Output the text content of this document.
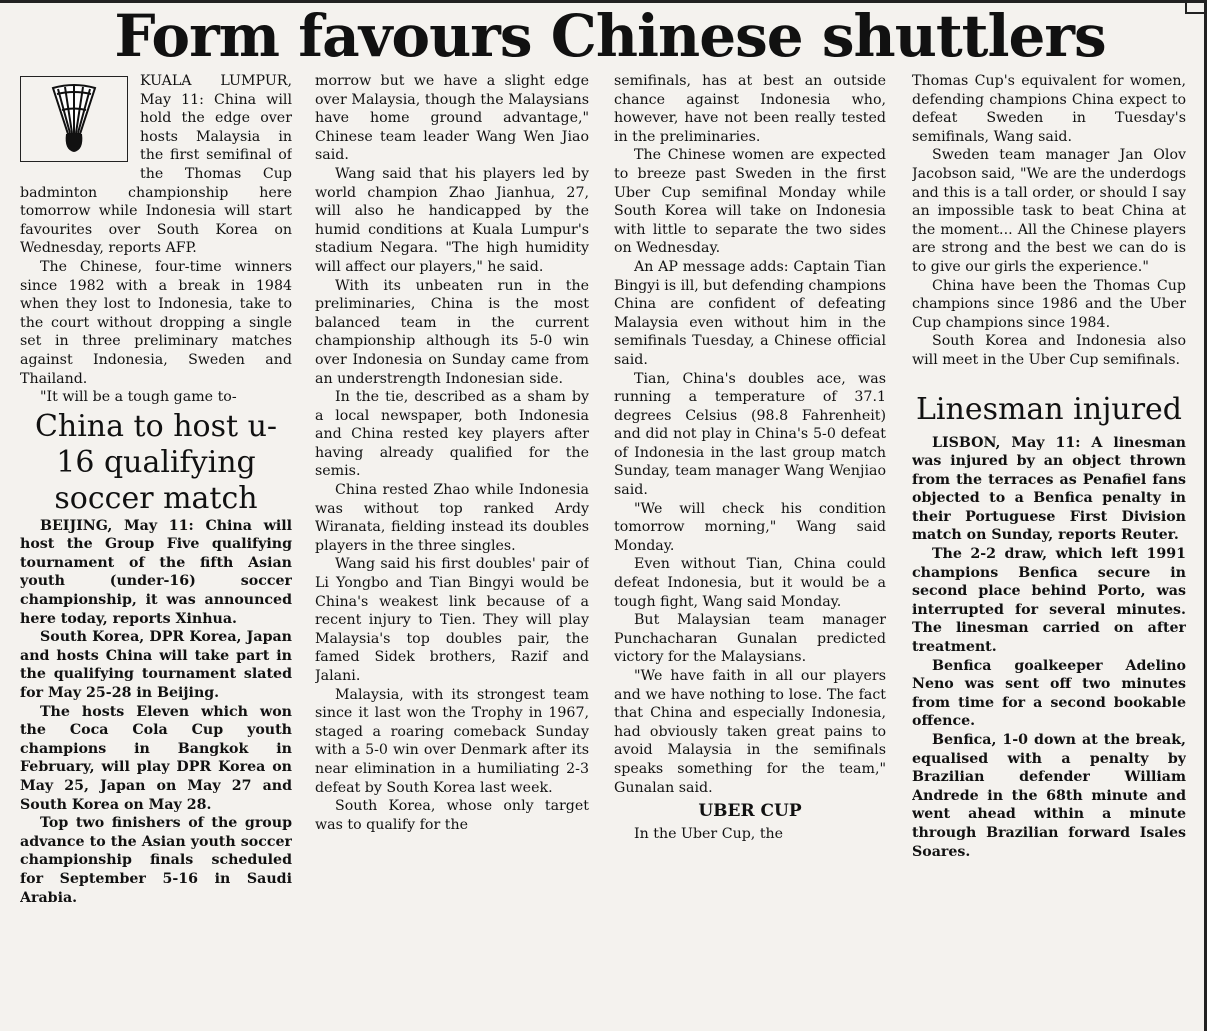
Form favours Chinese shuttlers

KUALA LUMPUR, May 11: China will hold the edge over hosts Malaysia in the first semifinal of the Thomas Cup badminton championship here tomorrow while Indonesia will start favourites over South Korea on Wednesday, reports AFP.

The Chinese, four-time winners since 1982 with a break in 1984 when they lost to Indonesia, take to the court without dropping a single set in three preliminary matches against Indonesia, Sweden and Thailand.

"It will be a tough game to-

China to host u-16 qualifying soccer match

BEIJING, May 11: China will host the Group Five qualifying tournament of the fifth Asian youth (under-16) soccer championship, it was announced here today, reports Xinhua.

South Korea, DPR Korea, Japan and hosts China will take part in the qualifying tournament slated for May 25-28 in Beijing.

The hosts Eleven which won the Coca Cola Cup youth champions in Bangkok in February, will play DPR Korea on May 25, Japan on May 27 and South Korea on May 28.

Top two finishers of the group advance to the Asian youth soccer championship finals scheduled for September 5-16 in Saudi Arabia.

morrow but we have a slight edge over Malaysia, though the Malaysians have home ground advantage," Chinese team leader Wang Wen Jiao said.

Wang said that his players led by world champion Zhao Jianhua, 27, will also he handicapped by the humid conditions at Kuala Lumpur's stadium Negara. "The high humidity will affect our players," he said.

With its unbeaten run in the preliminaries, China is the most balanced team in the current championship although its 5-0 win over Indonesia on Sunday came from an understrength Indonesian side.

In the tie, described as a sham by a local newspaper, both Indonesia and China rested key players after having already qualified for the semis.

China rested Zhao while Indonesia was without top ranked Ardy Wiranata, fielding instead its doubles players in the three singles.

Wang said his first doubles' pair of Li Yongbo and Tian Bingyi would be China's weakest link because of a recent injury to Tien. They will play Malaysia's top doubles pair, the famed Sidek brothers, Razif and Jalani.

Malaysia, with its strongest team since it last won the Trophy in 1967, staged a roaring comeback Sunday with a 5-0 win over Denmark after its near elimination in a humiliating 2-3 defeat by South Korea last week.

South Korea, whose only target was to qualify for the

semifinals, has at best an outside chance against Indonesia who, however, have not been really tested in the preliminaries.

The Chinese women are expected to breeze past Sweden in the first Uber Cup semifinal Monday while South Korea will take on Indonesia with little to separate the two sides on Wednesday.

An AP message adds: Captain Tian Bingyi is ill, but defending champions China are confident of defeating Malaysia even without him in the semifinals Tuesday, a Chinese official said.

Tian, China's doubles ace, was running a temperature of 37.1 degrees Celsius (98.8 Fahrenheit) and did not play in China's 5-0 defeat of Indonesia in the last group match Sunday, team manager Wang Wenjiao said.

"We will check his condition tomorrow morning," Wang said Monday.

Even without Tian, China could defeat Indonesia, but it would be a tough fight, Wang said Monday.

But Malaysian team manager Punchacharan Gunalan predicted victory for the Malaysians.

"We have faith in all our players and we have nothing to lose. The fact that China and especially Indonesia, had obviously taken great pains to avoid Malaysia in the semifinals speaks something for the team," Gunalan said.

UBER CUP

In the Uber Cup, the

Thomas Cup's equivalent for women, defending champions China expect to defeat Sweden in Tuesday's semifinals, Wang said.

Sweden team manager Jan Olov Jacobson said, "We are the underdogs and this is a tall order, or should I say an impossible task to beat China at the moment... All the Chinese players are strong and the best we can do is to give our girls the experience."

China have been the Thomas Cup champions since 1986 and the Uber Cup champions since 1984.

South Korea and Indonesia also will meet in the Uber Cup semifinals.

Linesman injured

LISBON, May 11: A linesman was injured by an object thrown from the terraces as Penafiel fans objected to a Benfica penalty in their Portuguese First Division match on Sunday, reports Reuter.

The 2-2 draw, which left 1991 champions Benfica secure in second place behind Porto, was interrupted for several minutes. The linesman carried on after treatment.

Benfica goalkeeper Adelino Neno was sent off two minutes from time for a second bookable offence.

Benfica, 1-0 down at the break, equalised with a penalty by Brazilian defender William Andrede in the 68th minute and went ahead within a minute through Brazilian forward Isales Soares.
